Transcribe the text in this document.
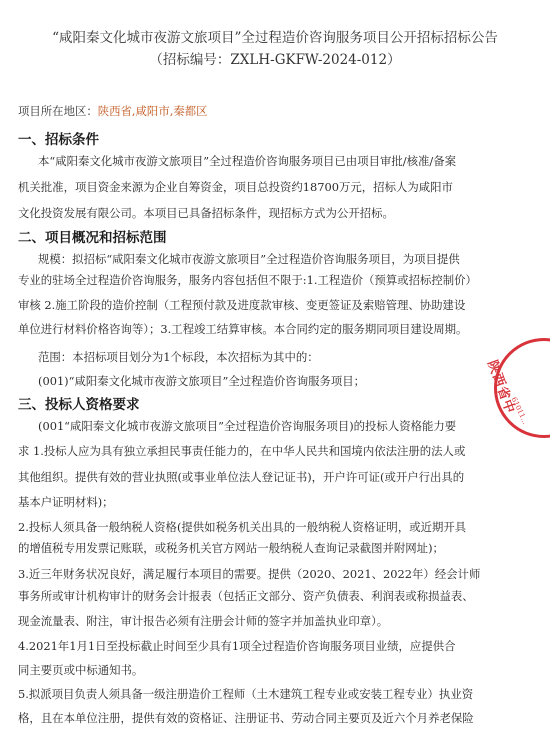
“咸阳秦文化城市夜游文旅项目”全过程造价咨询服务项目公开招标招标公告
（招标编号：ZXLH-GKFW-2024-012）
项目所在地区：陕西省,咸阳市,秦都区
一、招标条件
本“咸阳秦文化城市夜游文旅项目”全过程造价咨询服务项目已由项目审批/核准/备案
机关批准，项目资金来源为企业自筹资金，项目总投资约18700万元，招标人为咸阳市
文化投资发展有限公司。本项目已具备招标条件，现招标方式为公开招标。
二、项目概况和招标范围
规模：拟招标“咸阳秦文化城市夜游文旅项目”全过程造价咨询服务项目，为项目提供
专业的驻场全过程造价咨询服务，服务内容包括但不限于:1.工程造价（预算或招标控制价）
审核 2.施工阶段的造价控制（工程预付款及进度款审核、变更签证及索赔管理、协助建设
单位进行材料价格咨询等）；3.工程竣工结算审核。本合同约定的服务期同项目建设周期。
范围：本招标项目划分为1个标段，本次招标为其中的：
(001)“咸阳秦文化城市夜游文旅项目”全过程造价咨询服务项目；
三、投标人资格要求
(001“咸阳秦文化城市夜游文旅项目”全过程造价咨询服务项目)的投标人资格能力要
求 1.投标人应为具有独立承担民事责任能力的，在中华人民共和国境内依法注册的法人或
其他组织。提供有效的营业执照(或事业单位法人登记证书)，开户许可证(或开户行出具的
基本户证明材料)；
2.投标人须具备一般纳税人资格(提供如税务机关出具的一般纳税人资格证明，或近期开具
的增值税专用发票记账联，或税务机关官方网站一般纳税人查询记录截图并附网址)；
3.近三年财务状况良好，满足履行本项目的需要。提供（2020、2021、2022年）经会计师
事务所或审计机构审计的财务会计报表（包括正文部分、资产负债表、利润表或称损益表、
现金流量表、附注，审计报告必须有注册会计师的签字并加盖执业印章）。
4.2021年1月1日至投标截止时间至少具有1项全过程造价咨询服务项目业绩，应提供合
同主要页或中标通知书。
5.拟派项目负责人须具备一级注册造价工程师（土木建筑工程专业或安装工程专业）执业资
格，且在本单位注册，提供有效的资格证、注册证书、劳动合同主要页及近六个月养老保险
陕西省中
61011...
